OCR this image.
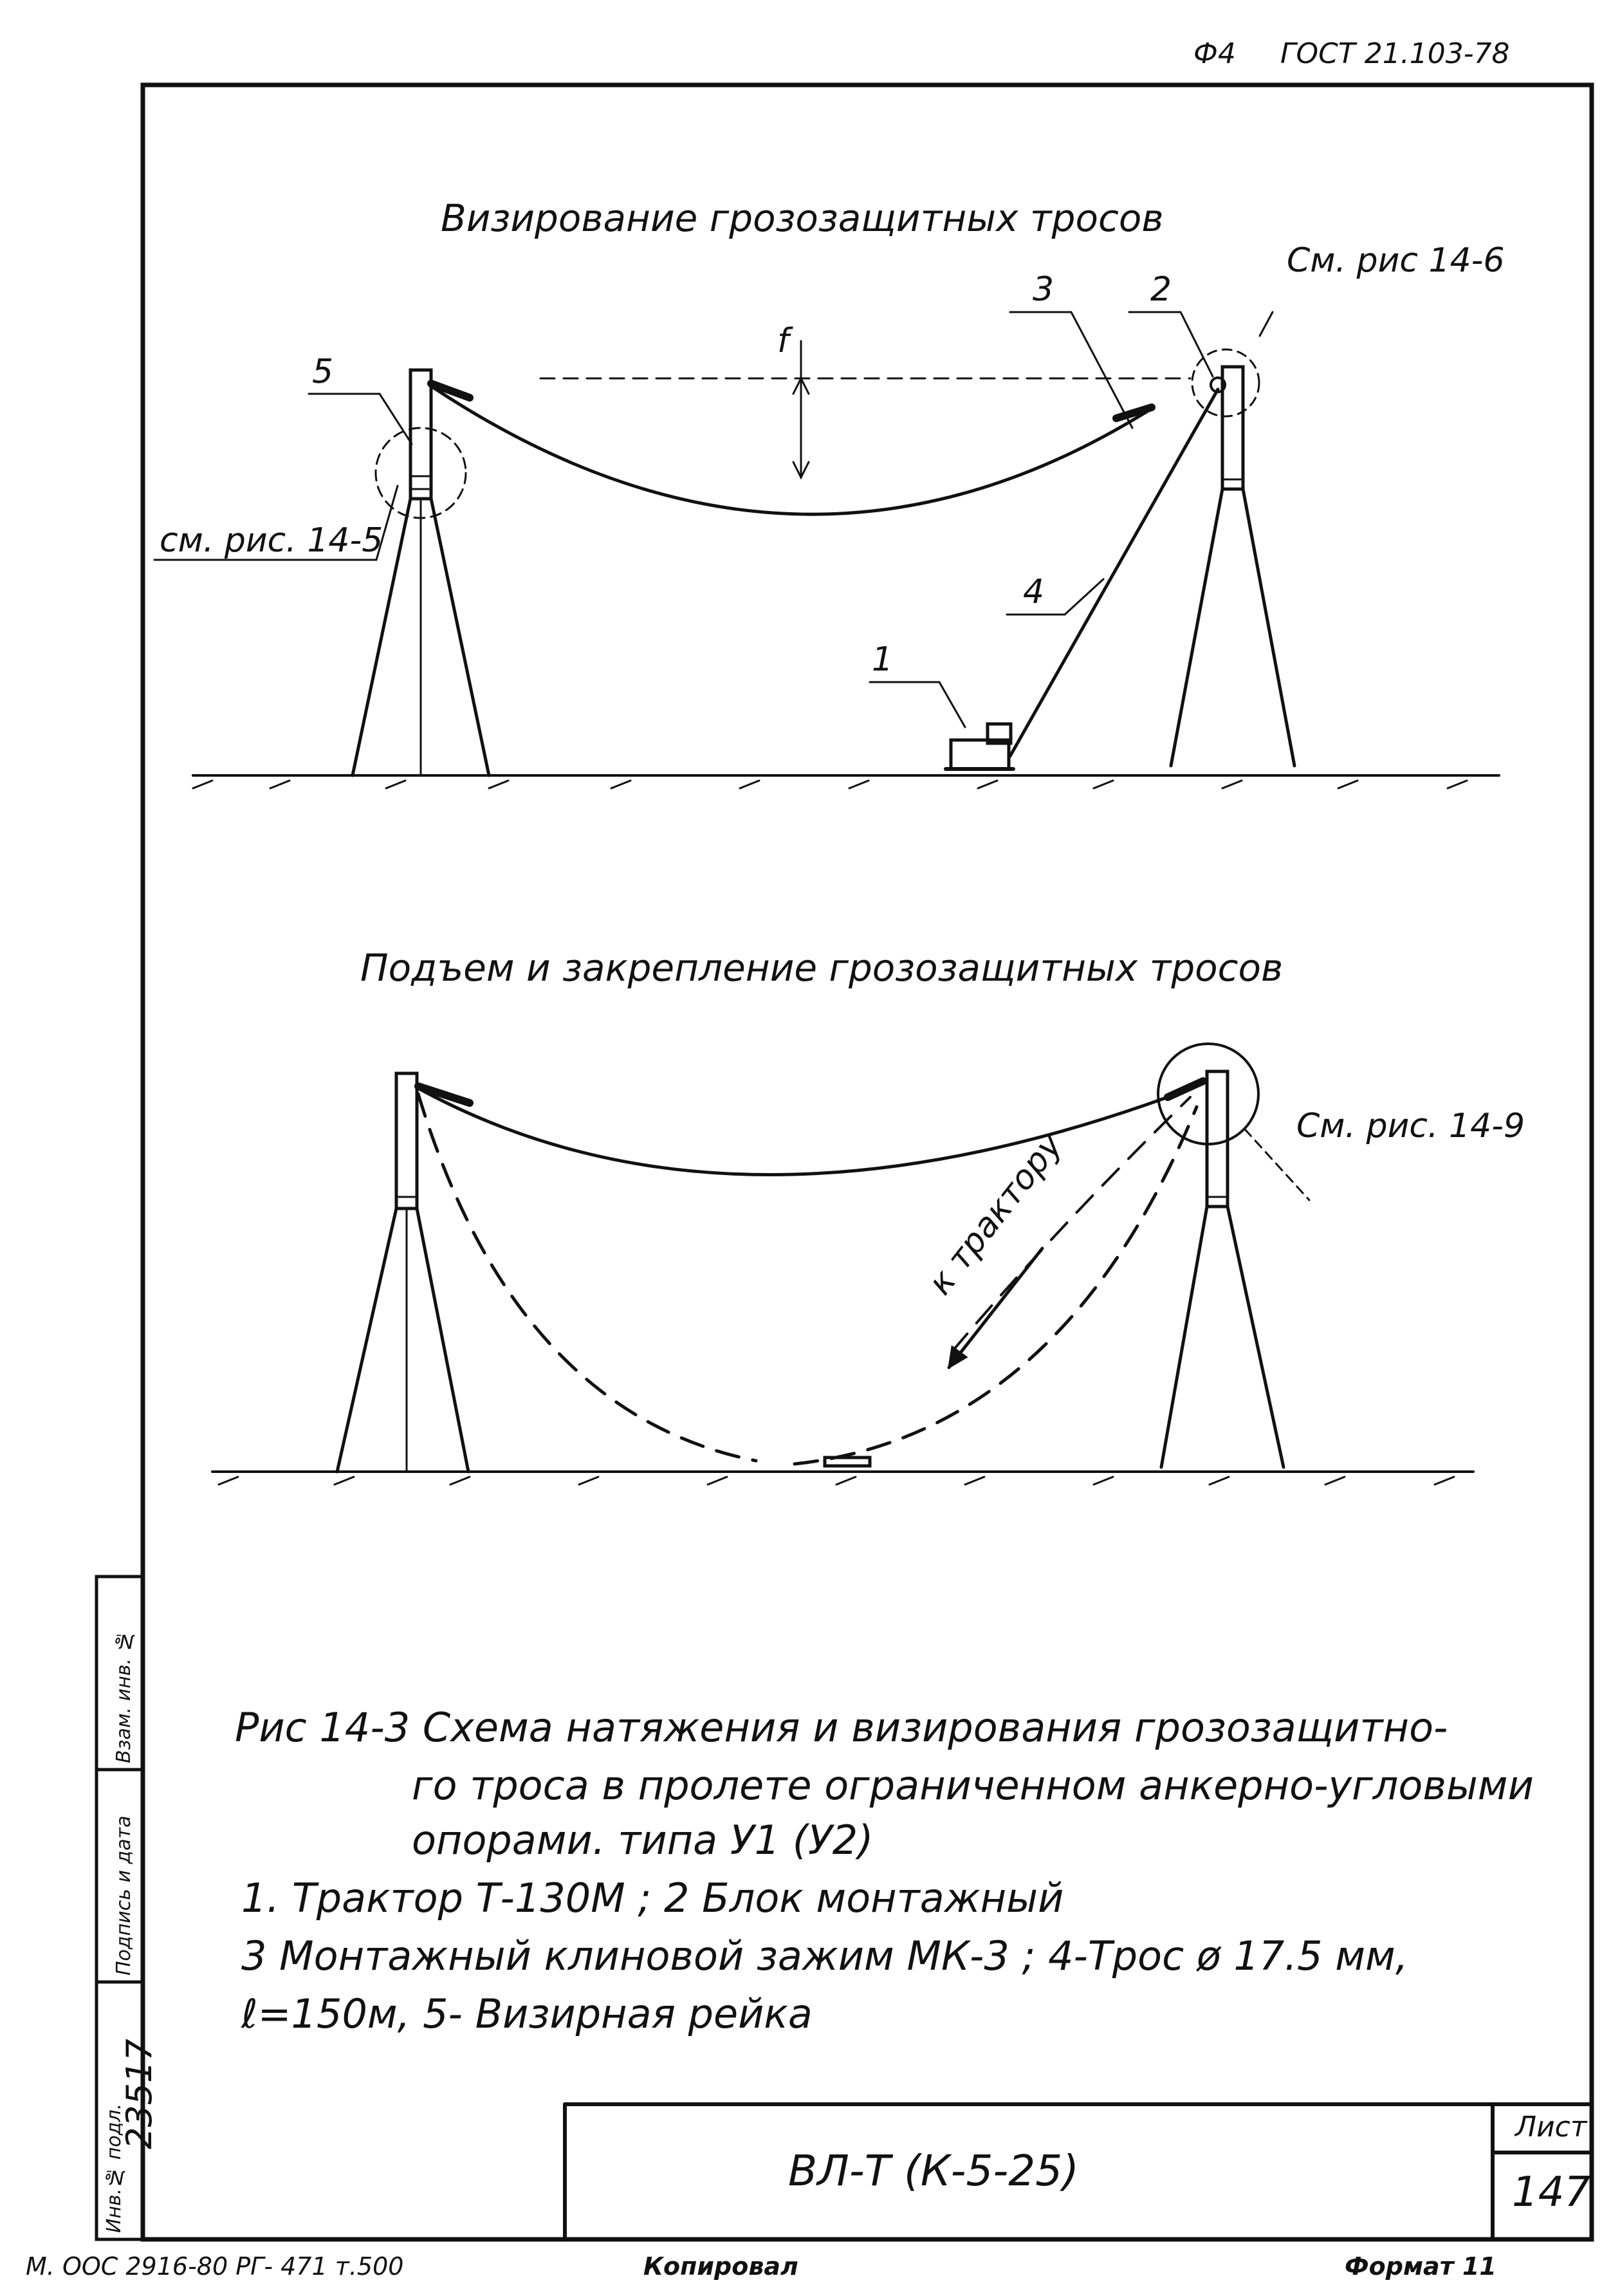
Ф4 ГОСТ 21.103-78
Визирование грозозащитных тросов
См. рис 14-6
см. рис. 14-5
f
1
2
3
4
5
Подъем и закрепление грозозащитных тросов
См. рис. 14-9
к трактору
Рис 14-3 Схема натяжения и визирования грозозащитно-
го троса в пролете ограниченном анкерно-угловыми
опорами. типа У1 (У2)
1. Трактор Т-130М ; 2 Блок монтажный
3 Монтажный клиновой зажим МК-3 ; 4-Трос ø 17.5 мм,
ℓ=150м, 5- Визирная рейка
Инв.№ подл.
23517
Подпись и дата
Взам. инв. №
ВЛ-Т (К-5-25)
Лист
147
М. ООС 2916-80 РГ- 471 т.500	Копировал	Формат 11
